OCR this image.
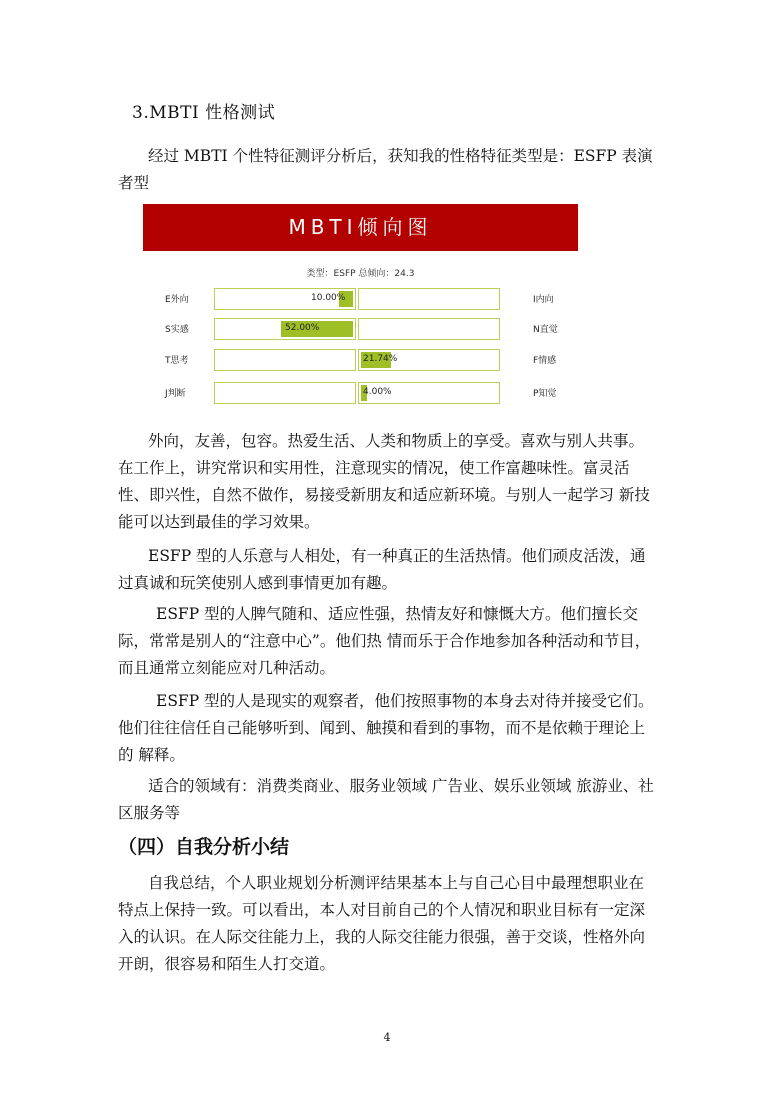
3.MBTI 性格测试

经过 MBTI 个性特征测评分析后，获知我的性格特征类型是：ESFP 表演者型

MBTI倾向图
类型：ESFP 总倾向：24.3
E外向	10.00%	I内向
S实感	52.00%	N直觉
T思考	21.74%	F情感
J判断	4.00%	P知觉

外向，友善，包容。热爱生活、人类和物质上的享受。喜欢与别人共事。在工作上，讲究常识和实用性，注意现实的情况，使工作富趣味性。富灵活性、即兴性，自然不做作，易接受新朋友和适应新环境。与别人一起学习 新技能可以达到最佳的学习效果。

ESFP 型的人乐意与人相处，有一种真正的生活热情。他们顽皮活泼，通过真诚和玩笑使别人感到事情更加有趣。

ESFP 型的人脾气随和、适应性强，热情友好和慷慨大方。他们擅长交际，常常是别人的“注意中心”。他们热 情而乐于合作地参加各种活动和节目，而且通常立刻能应对几种活动。

ESFP 型的人是现实的观察者，他们按照事物的本身去对待并接受它们。他们往往信任自己能够听到、闻到、触摸和看到的事物，而不是依赖于理论上的 解释。

适合的领域有：消费类商业、服务业领域 广告业、娱乐业领域 旅游业、社区服务等

（四）自我分析小结

自我总结，个人职业规划分析测评结果基本上与自己心目中最理想职业在特点上保持一致。可以看出，本人对目前自己的个人情况和职业目标有一定深入的认识。在人际交往能力上，我的人际交往能力很强，善于交谈，性格外向开朗，很容易和陌生人打交道。

4
